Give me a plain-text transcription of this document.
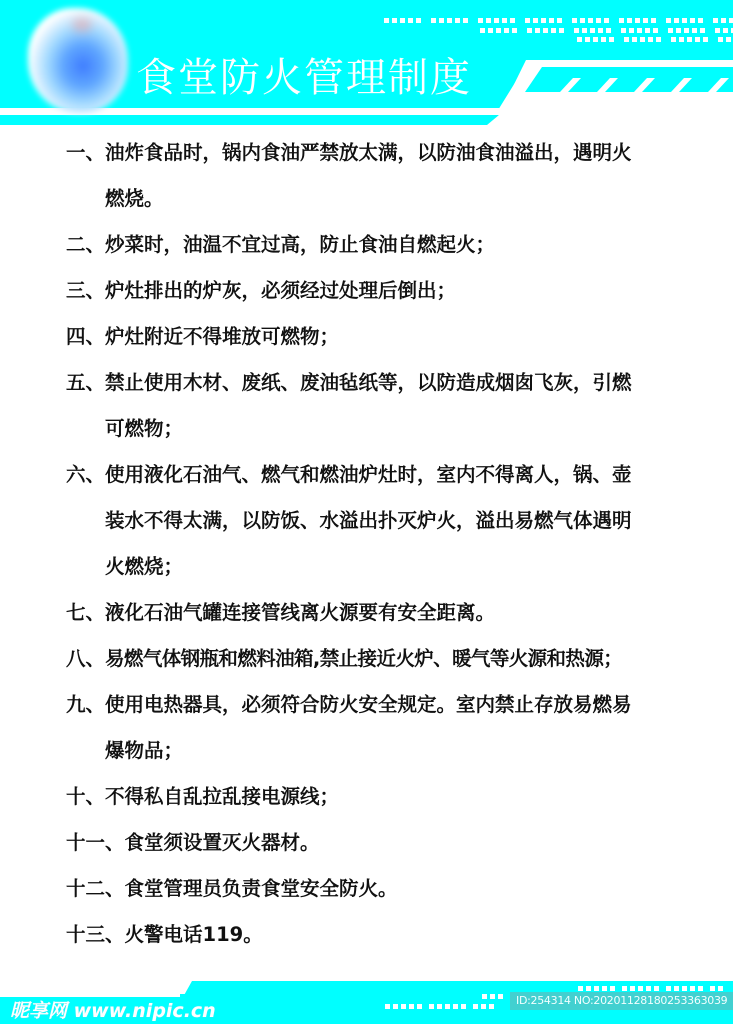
食堂防火管理制度
一、 油炸食品时，锅内食油严禁放太满，以防油食油溢出，遇明火
燃烧。
二、 炒菜时，油温不宜过高，防止食油自燃起火；
三、 炉灶排出的炉灰，必须经过处理后倒出；
四、 炉灶附近不得堆放可燃物；
五、 禁止使用木材、废纸、废油毡纸等，以防造成烟囱飞灰，引燃
可燃物；
六、 使用液化石油气、燃气和燃油炉灶时，室内不得离人，锅、壶
装水不得太满，以防饭、水溢出扑灭炉火，溢出易燃气体遇明
火燃烧；
七、 液化石油气罐连接管线离火源要有安全距离。
八、 易燃气体钢瓶和燃料油箱,禁止接近火炉、暖气等火源和热源；
九、 使用电热器具，必须符合防火安全规定。室内禁止存放易燃易
爆物品；
十、 不得私自乱拉乱接电源线；
十一、 食堂须设置灭火器材。
十二、 食堂管理员负责食堂安全防火。
十三、 火警电话119。
昵享网 www.nipic.cn	ID:254314 NO:20201128180253363039
